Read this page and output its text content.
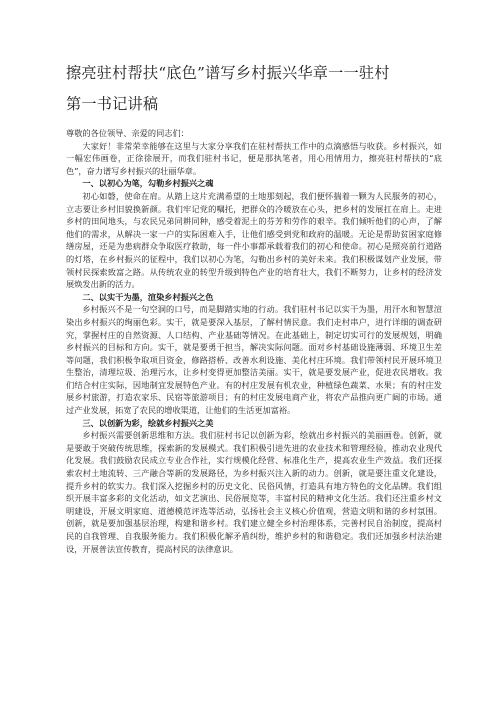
擦亮驻村帮扶“底色”谱写乡村振兴华章一一驻村
第一书记讲稿

尊敬的各位领导、亲爱的同志们：

大家好！非常荣幸能够在这里与大家分享我们在驻村帮扶工作中的点滴感悟与收获。乡村振兴，如一幅宏伟画卷，正徐徐展开，而我们驻村书记，便是那执笔者，用心用情用力，擦亮驻村帮扶的“底色”，奋力谱写乡村振兴的壮丽华章。

一、以初心为笔，勾勒乡村振兴之魂

初心如磐，使命在肩。从踏上这片充满希望的土地那刻起，我们便怀揣着一颗为人民服务的初心，立志要让乡村旧貌换新颜。我们牢记党的嘱托，把群众的冷暖放在心头，把乡村的发展扛在肩上。走进乡村的田间地头，与农民兄弟同耕同种，感受着泥土的芬芳和劳作的艰辛。我们倾听他们的心声，了解他们的需求，从解决一家一户的实际困难入手，让他们感受到党和政府的温暖。无论是帮助贫困家庭修缮房屋，还是为患病群众争取医疗救助，每一件小事都承载着我们的初心和使命。初心是照亮前行道路的灯塔，在乡村振兴的征程中，我们以初心为笔，勾勒出乡村的美好未来。我们积极谋划产业发展，带领村民探索致富之路。从传统农业的转型升级到特色产业的培育壮大，我们不断努力，让乡村的经济发展焕发出新的活力。

二、以实干为墨，渲染乡村振兴之色

乡村振兴不是一句空洞的口号，而是脚踏实地的行动。我们驻村书记以实干为墨，用汗水和智慧渲染出乡村振兴的绚丽色彩。实干，就是要深入基层，了解村情民意。我们走村串户，进行详细的调查研究，掌握村庄的自然资源、人口结构、产业基础等情况。在此基础上，制定切实可行的发展规划，明确乡村振兴的目标和方向。实干，就是要勇于担当，解决实际问题。面对乡村基础设施薄弱、环境卫生差等问题，我们积极争取项目资金，修路搭桥、改善水利设施、美化村庄环境。我们带领村民开展环境卫生整治，清理垃圾、治理污水，让乡村变得更加整洁美丽。实干，就是要发展产业，促进农民增收。我们结合村庄实际，因地制宜发展特色产业。有的村庄发展有机农业，种植绿色蔬菜、水果；有的村庄发展乡村旅游，打造农家乐、民宿等旅游项目；有的村庄发展电商产业，将农产品推向更广阔的市场。通过产业发展，拓宽了农民的增收渠道，让他们的生活更加富裕。

三、以创新为彩，绘就乡村振兴之美

乡村振兴需要创新思维和方法。我们驻村书记以创新为彩，绘就出乡村振兴的美丽画卷。创新，就是要敢于突破传统思维，探索新的发展模式。我们积极引进先进的农业技术和管理经验，推动农业现代化发展。我们鼓励农民成立专业合作社，实行规模化经营、标准化生产，提高农业生产效益。我们还探索农村土地流转、三产融合等新的发展路径，为乡村振兴注入新的动力。创新，就是要注重文化建设，提升乡村的软实力。我们深入挖掘乡村的历史文化、民俗风情，打造具有地方特色的文化品牌。我们组织开展丰富多彩的文化活动，如文艺演出、民俗展览等，丰富村民的精神文化生活。我们还注重乡村文明建设，开展文明家庭、道德模范评选等活动，弘扬社会主义核心价值观，营造文明和谐的乡村氛围。创新，就是要加强基层治理，构建和谐乡村。我们建立健全乡村治理体系，完善村民自治制度，提高村民的自我管理、自我服务能力。我们积极化解矛盾纠纷，维护乡村的和谐稳定。我们还加强乡村法治建设，开展普法宣传教育，提高村民的法律意识。
